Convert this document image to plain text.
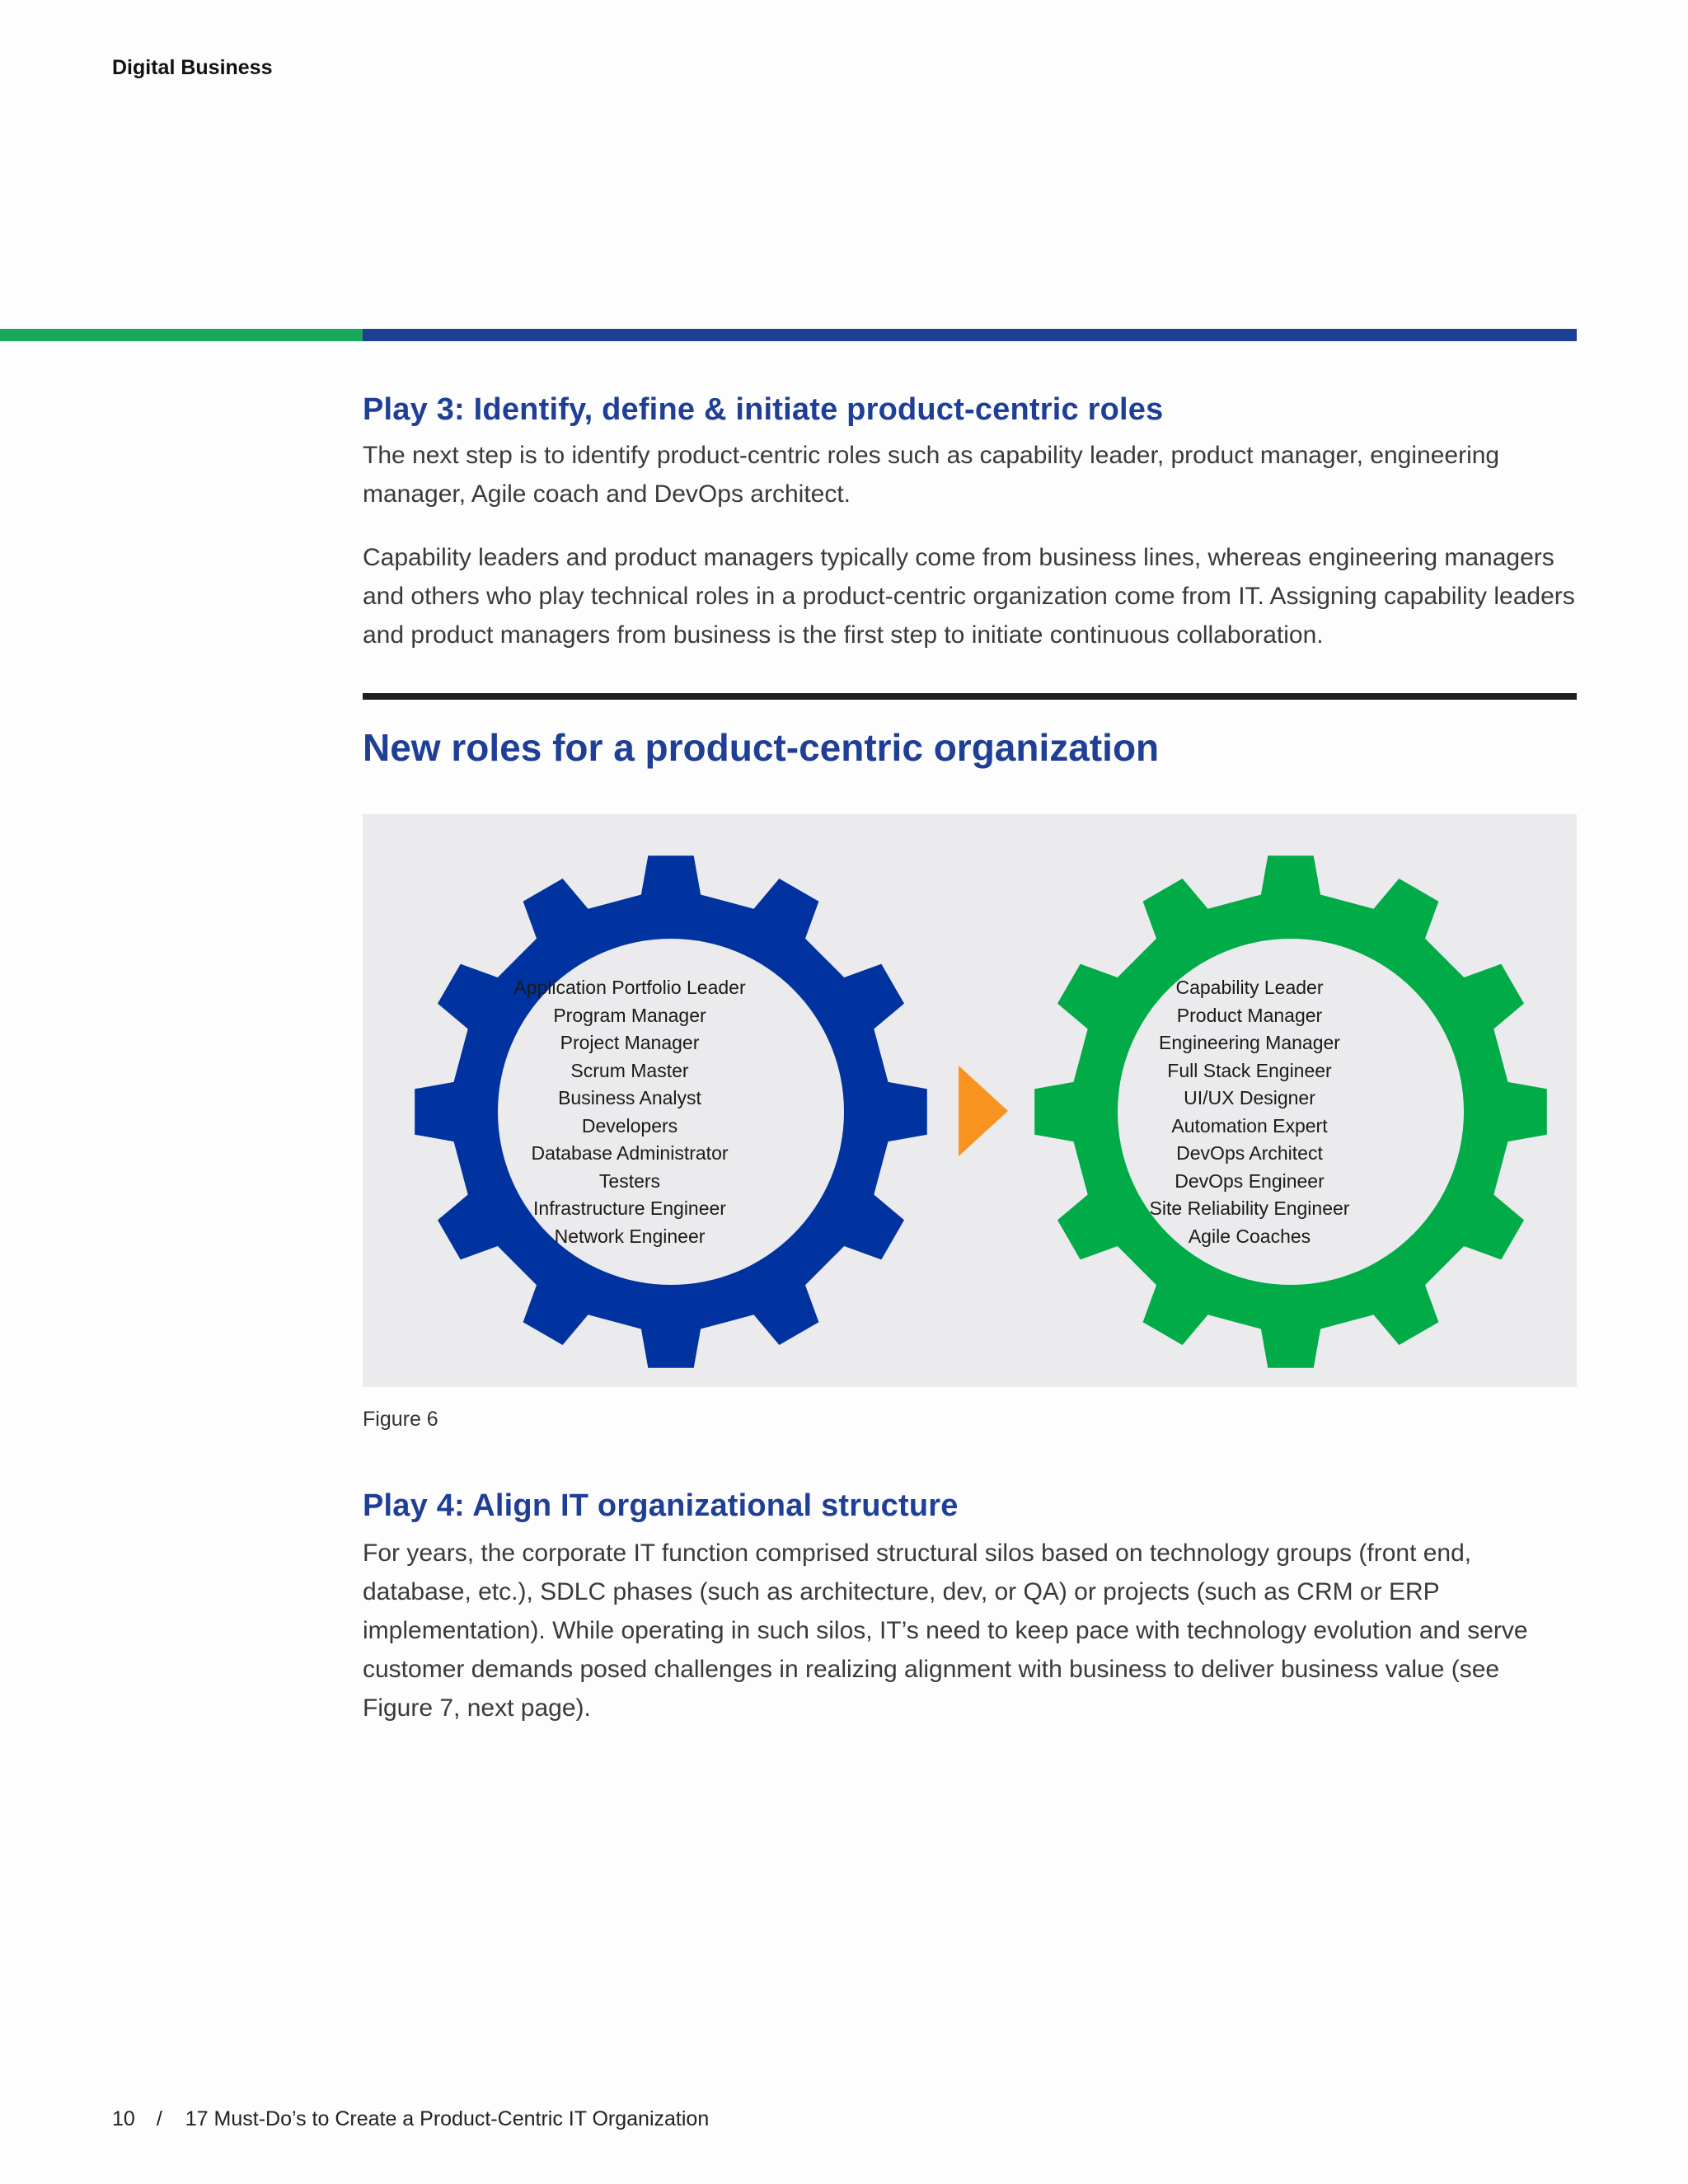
Digital Business
Play 3: Identify, define & initiate product-centric roles

The next step is to identify product-centric roles such as capability leader, product manager, engineering manager, Agile coach and DevOps architect.

Capability leaders and product managers typically come from business lines, whereas engineering managers and others who play technical roles in a product-centric organization come from IT. Assigning capability leaders and product managers from business is the first step to initiate continuous collaboration.

New roles for a product-centric organization
Application Portfolio Leader
Program Manager
Project Manager
Scrum Master
Business Analyst
Developers
Database Administrator
Testers
Infrastructure Engineer
Network Engineer
Capability Leader
Product Manager
Engineering Manager
Full Stack Engineer
UI/UX Designer
Automation Expert
DevOps Architect
DevOps Engineer
Site Reliability Engineer
Agile Coaches
Figure 6
Play 4: Align IT organizational structure

For years, the corporate IT function comprised structural silos based on technology groups (front end, database, etc.), SDLC phases (such as architecture, dev, or QA) or projects (such as CRM or ERP implementation). While operating in such silos, IT’s need to keep pace with technology evolution and serve customer demands posed challenges in realizing alignment with business to deliver business value (see Figure 7, next page).

10 / 17 Must-Do’s to Create a Product-Centric IT Organization
